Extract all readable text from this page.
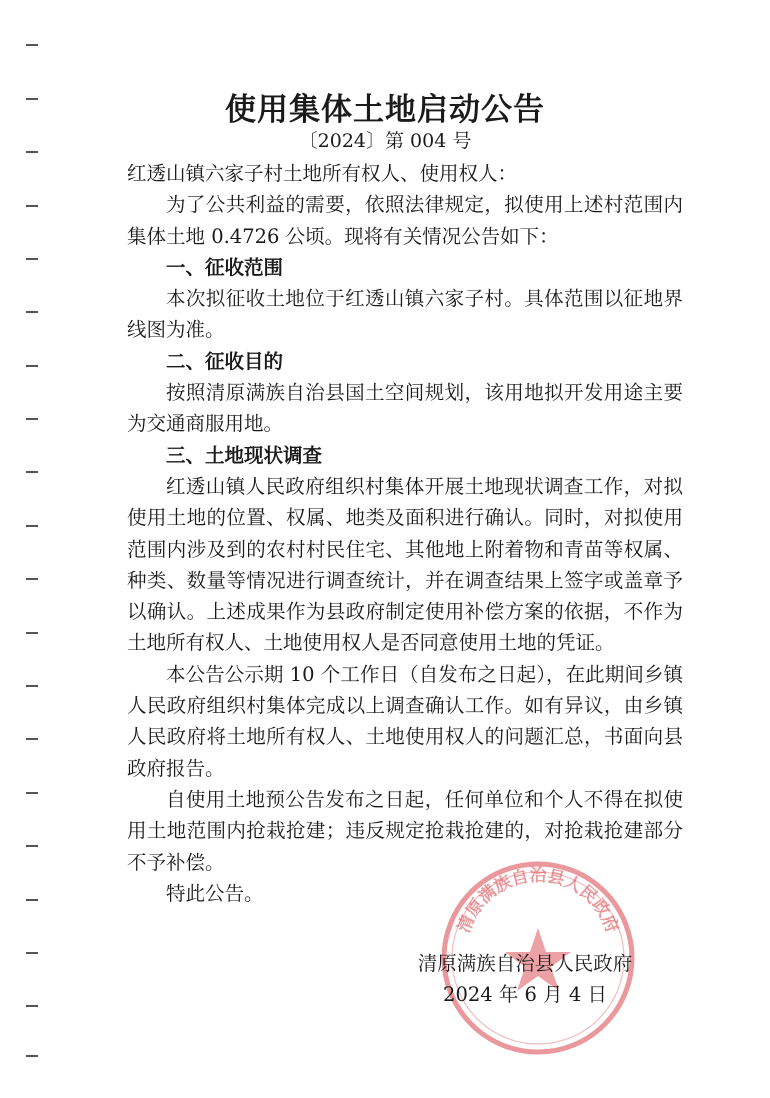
使用集体土地启动公告
〔2024〕第 004 号

红透山镇六家子村土地所有权人、使用权人：

为了公共利益的需要，依照法律规定，拟使用上述村范围内集体土地 0.4726 公顷。现将有关情况公告如下：

一、征收范围

本次拟征收土地位于红透山镇六家子村。具体范围以征地界线图为准。

二、征收目的

按照清原满族自治县国土空间规划，该用地拟开发用途主要为交通商服用地。

三、土地现状调查

红透山镇人民政府组织村集体开展土地现状调查工作，对拟使用土地的位置、权属、地类及面积进行确认。同时，对拟使用范围内涉及到的农村村民住宅、其他地上附着物和青苗等权属、种类、数量等情况进行调查统计，并在调查结果上签字或盖章予以确认。上述成果作为县政府制定使用补偿方案的依据，不作为土地所有权人、土地使用权人是否同意使用土地的凭证。

本公告公示期 10 个工作日（自发布之日起），在此期间乡镇人民政府组织村集体完成以上调查确认工作。如有异议，由乡镇人民政府将土地所有权人、土地使用权人的问题汇总，书面向县政府报告。

自使用土地预公告发布之日起，任何单位和个人不得在拟使用土地范围内抢栽抢建；违反规定抢栽抢建的，对抢栽抢建部分不予补偿。

特此公告。

清原满族自治县人民政府
清原满族自治县人民政府
2024 年 6 月 4 日
